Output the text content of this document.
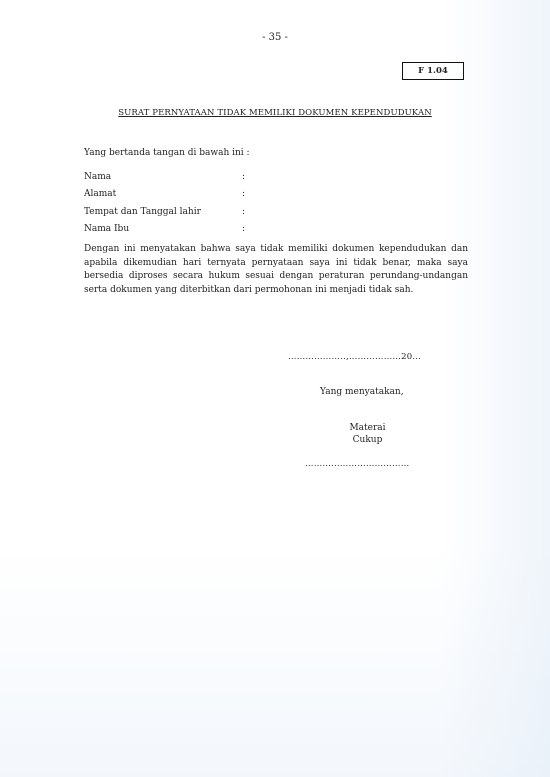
- 35 -
F 1.04
SURAT PERNYATAAN TIDAK MEMILIKI DOKUMEN KEPENDUDUKAN
Yang bertanda tangan di bawah ini :
Nama	:
Alamat	:
Tempat dan Tanggal lahir	:
Nama Ibu	:
Dengan ini menyatakan bahwa saya tidak memiliki dokumen kependudukan dan apabila dikemudian hari ternyata pernyataan saya ini tidak benar, maka saya bersedia diproses secara hukum sesuai dengan peraturan perundang-undangan serta dokumen yang diterbitkan dari permohonan ini menjadi tidak sah.
………………..,………………20...
Yang menyatakan,
Materai
Cukup
………………………………
